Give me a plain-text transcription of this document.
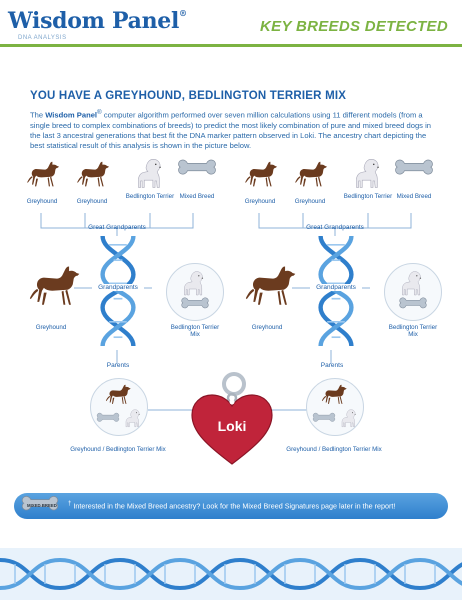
Wisdom Panel®
DNA ANALYSIS
KEY BREEDS DETECTED
YOU HAVE A GREYHOUND, BEDLINGTON TERRIER MIX
The Wisdom Panel® computer algorithm performed over seven million calculations using 11 different models (from a single breed to complex combinations of breeds) to predict the most likely combination of pure and mixed breed dogs in the last 3 ancestral generations that best fit the DNA marker pattern observed in Loki. The ancestry chart depicting the best statistical result of this analysis is shown in the picture below.
Greyhound	Greyhound
Bedlington Terrier Mixed Breed
Great Grandparents
Grandparents
Greyhound	Bedlington Terrier Mix
Parents
Greyhound / Bedlington Terrier Mix
Greyhound	Greyhound
Bedlington Terrier Mixed Breed
Great Grandparents
Grandparents
Greyhound	Bedlington Terrier Mix
Parents
Greyhound / Bedlington Terrier Mix
Loki
MIXED BREED † Interested in the Mixed Breed ancestry? Look for the Mixed Breed Signatures page later in the report!
